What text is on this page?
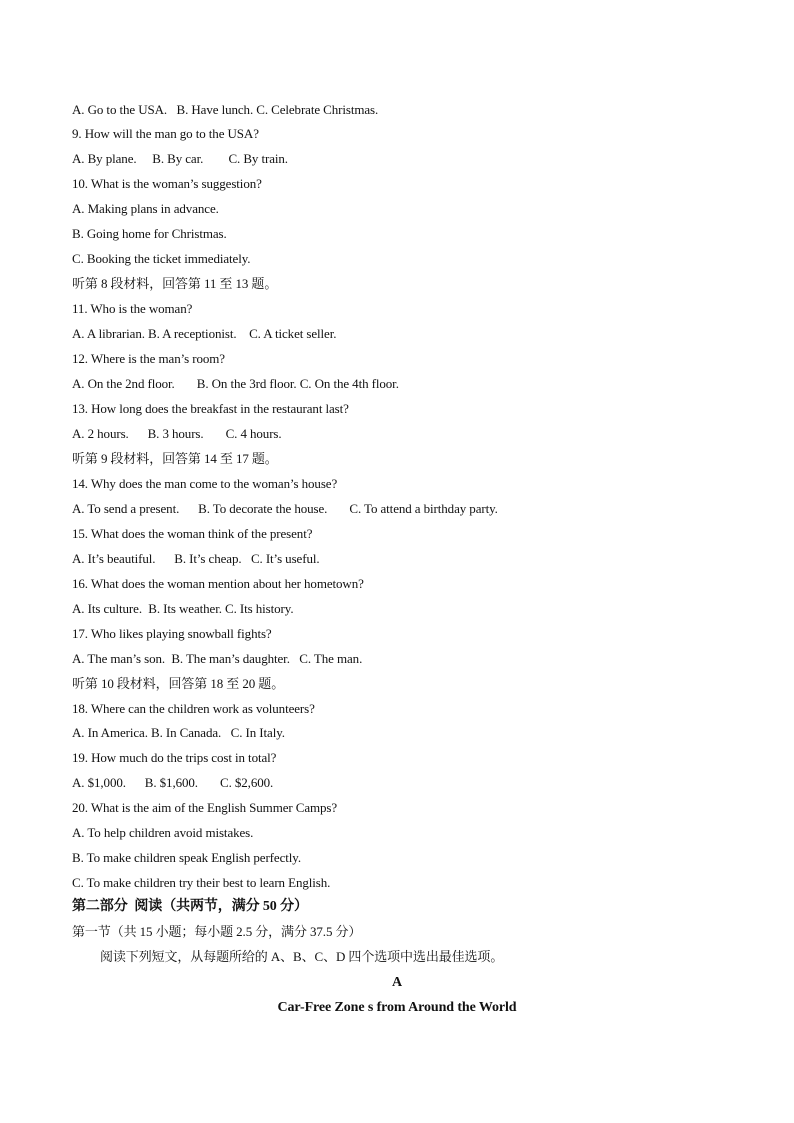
A. Go to the USA.   B. Have lunch. C. Celebrate Christmas.
9. How will the man go to the USA?
A. By plane.     B. By car.        C. By train.
10. What is the woman’s suggestion?
A. Making plans in advance.
B. Going home for Christmas.
C. Booking the ticket immediately.
听第 8 段材料，回答第 11 至 13 题。
11. Who is the woman?
A. A librarian. B. A receptionist.    C. A ticket seller.
12. Where is the man’s room?
A. On the 2nd floor.       B. On the 3rd floor. C. On the 4th floor.
13. How long does the breakfast in the restaurant last?
A. 2 hours.      B. 3 hours.       C. 4 hours.
听第 9 段材料，回答第 14 至 17 题。
14. Why does the man come to the woman’s house?
A. To send a present.      B. To decorate the house.       C. To attend a birthday party.
15. What does the woman think of the present?
A. It’s beautiful.      B. It’s cheap.   C. It’s useful.
16. What does the woman mention about her hometown?
A. Its culture.  B. Its weather. C. Its history.
17. Who likes playing snowball fights?
A. The man’s son.  B. The man’s daughter.   C. The man.
听第 10 段材料，回答第 18 至 20 题。
18. Where can the children work as volunteers?
A. In America. B. In Canada.   C. In Italy.
19. How much do the trips cost in total?
A. $1,000.      B. $1,600.       C. $2,600.
20. What is the aim of the English Summer Camps?
A. To help children avoid mistakes.
B. To make children speak English perfectly.
C. To make children try their best to learn English.
第二部分  阅读（共两节，满分 50 分）
第一节（共 15 小题；每小题 2.5 分，满分 37.5 分）
阅读下列短文，从每题所给的 A、B、C、D 四个选项中选出最佳选项。
A
Car-Free Zone s from Around the World
